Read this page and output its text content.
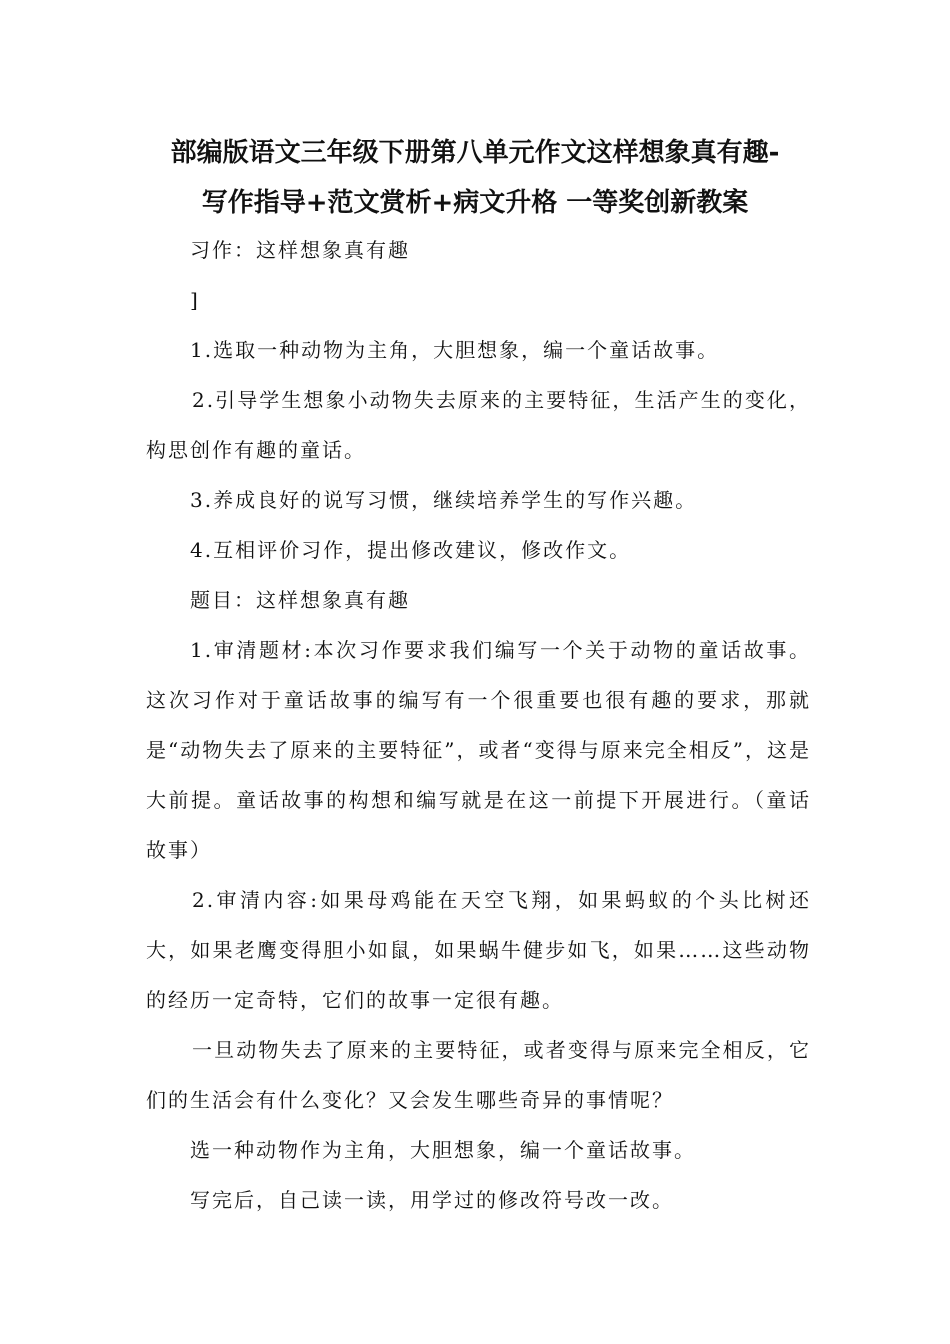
部编版语文三年级下册第八单元作文这样想象真有趣-
写作指导+范文赏析+病文升格 一等奖创新教案
习作：这样想象真有趣
]
1.选取一种动物为主角，大胆想象，编一个童话故事。
2.引导学生想象小动物失去原来的主要特征，生活产生的变化，构思创作有趣的童话。
3.养成良好的说写习惯，继续培养学生的写作兴趣。
4.互相评价习作，提出修改建议，修改作文。
题目：这样想象真有趣
1.审清题材:本次习作要求我们编写一个关于动物的童话故事。这次习作对于童话故事的编写有一个很重要也很有趣的要求，那就是“动物失去了原来的主要特征”，或者“变得与原来完全相反”，这是大前提。童话故事的构想和编写就是在这一前提下开展进行。（童话故事）
2.审清内容:如果母鸡能在天空飞翔，如果蚂蚁的个头比树还大，如果老鹰变得胆小如鼠，如果蜗牛健步如飞，如果……这些动物的经历一定奇特，它们的故事一定很有趣。
一旦动物失去了原来的主要特征，或者变得与原来完全相反，它们的生活会有什么变化？又会发生哪些奇异的事情呢？
选一种动物作为主角，大胆想象，编一个童话故事。
写完后，自己读一读，用学过的修改符号改一改。
